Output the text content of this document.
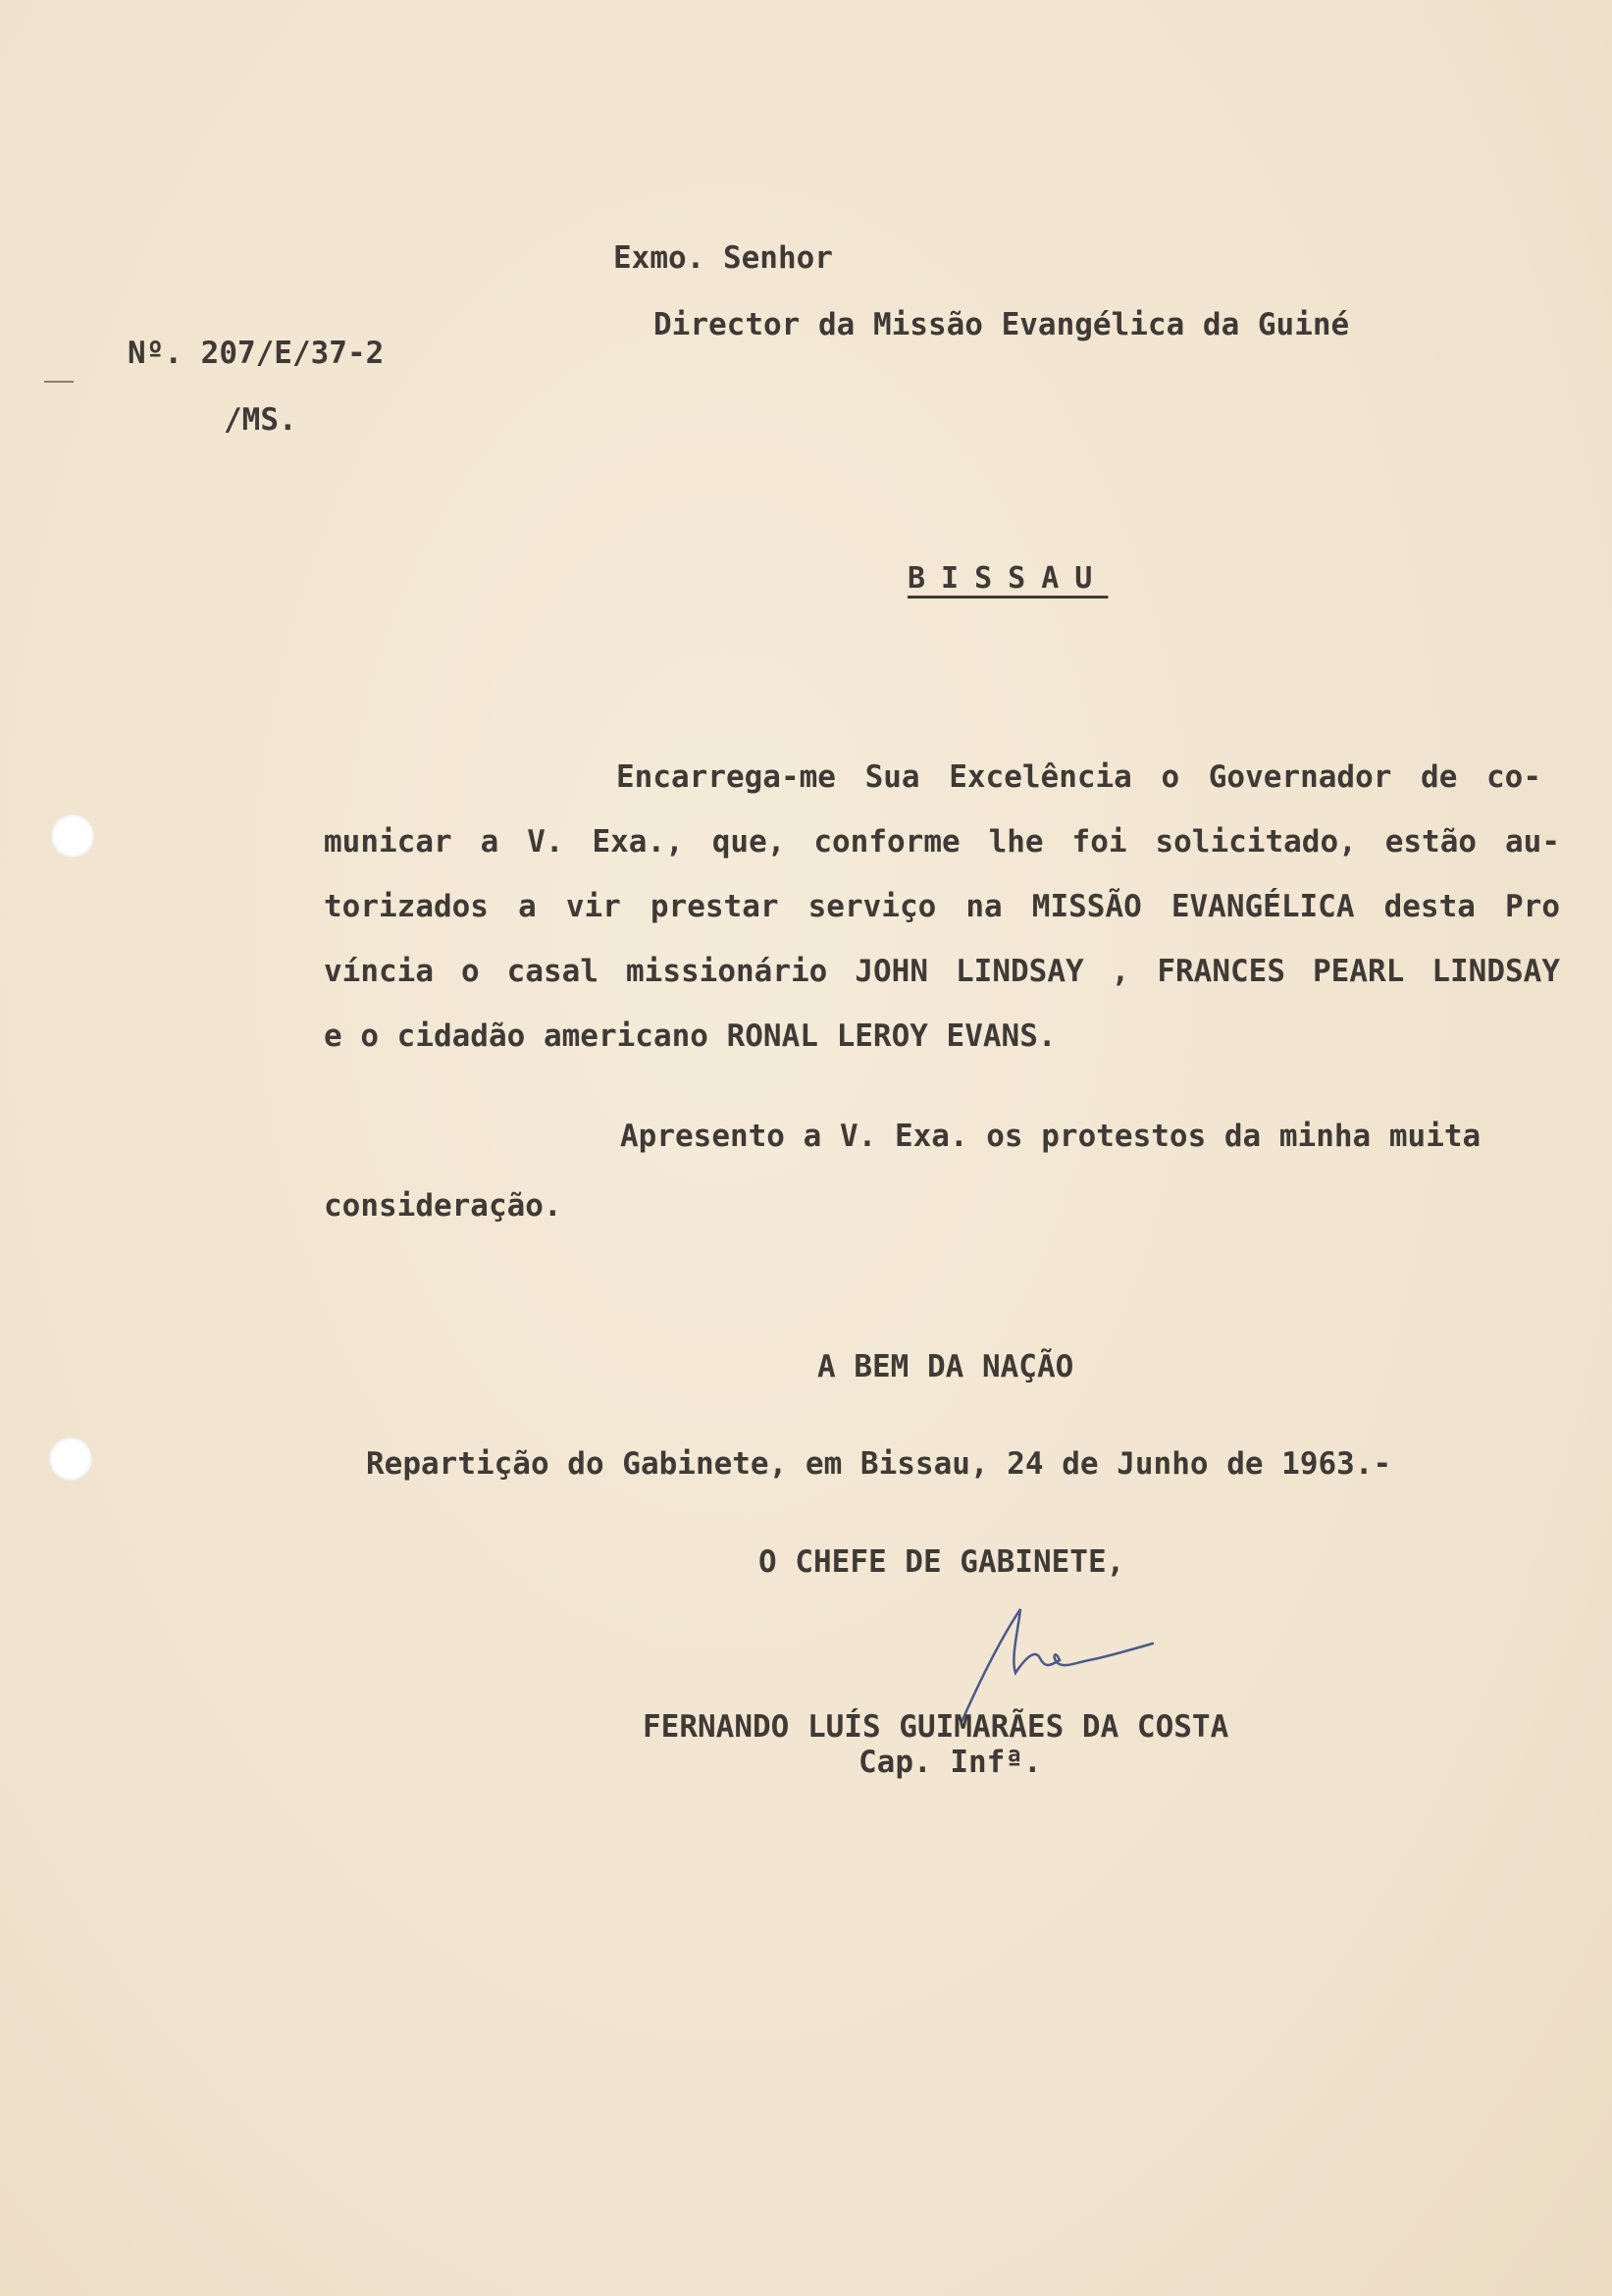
Exmo. Senhor
Director da Missão Evangélica da Guiné
Nº. 207/E/37-2
/MS.
BISSAU
Encarrega-me Sua Excelência o Governador de co-
municar a V. Exa., que, conforme lhe foi solicitado, estão au-
torizados a vir prestar serviço na MISSÃO EVANGÉLICA desta Pro
víncia o casal missionário JOHN LINDSAY , FRANCES PEARL LINDSAY
e o cidadão americano RONAL LEROY EVANS.
Apresento a V. Exa. os protestos da minha muita
consideração.
A BEM DA NAÇÃO
Repartição do Gabinete, em Bissau, 24 de Junho de 1963.-
O CHEFE DE GABINETE,
FERNANDO LUÍS GUIMARÃES DA COSTA
Cap. Infª.
